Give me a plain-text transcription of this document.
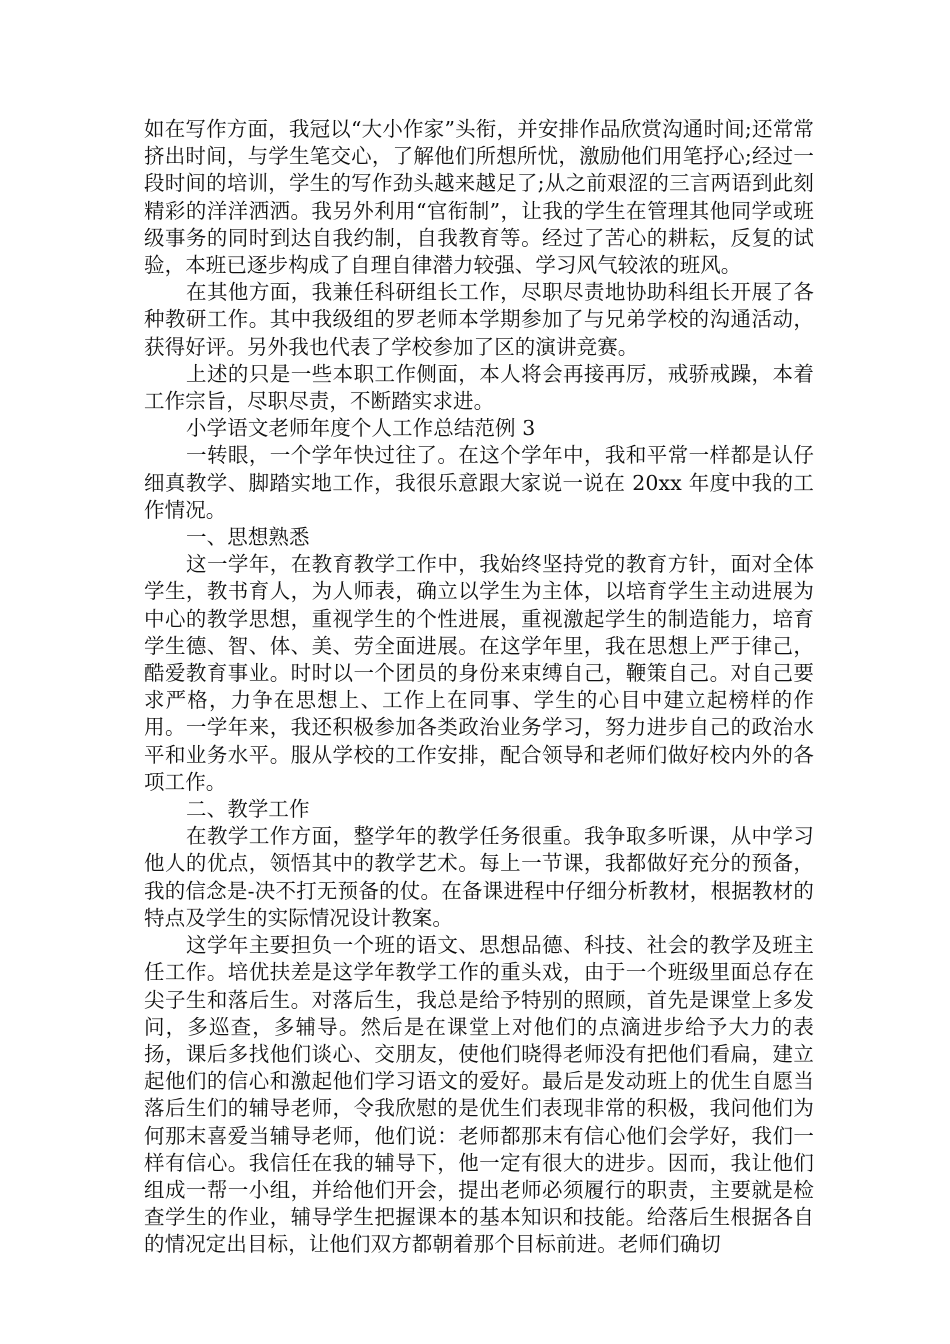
如在写作方面，我冠以“大小作家”头衔，并安排作品欣赏沟通时间;还常常挤出时间，与学生笔交心，了解他们所想所忧，激励他们用笔抒心;经过一段时间的培训，学生的写作劲头越来越足了;从之前艰涩的三言两语到此刻精彩的洋洋洒洒。我另外利用“官衔制”，让我的学生在管理其他同学或班级事务的同时到达自我约制，自我教育等。经过了苦心的耕耘，反复的试验，本班已逐步构成了自理自律潜力较强、学习风气较浓的班风。

在其他方面，我兼任科研组长工作，尽职尽责地协助科组长开展了各种教研工作。其中我级组的罗老师本学期参加了与兄弟学校的沟通活动，获得好评。另外我也代表了学校参加了区的演讲竞赛。

上述的只是一些本职工作侧面，本人将会再接再厉，戒骄戒躁，本着工作宗旨，尽职尽责，不断踏实求进。

小学语文老师年度个人工作总结范例 3

一转眼，一个学年快过往了。在这个学年中，我和平常一样都是认仔细真教学、脚踏实地工作，我很乐意跟大家说一说在 20xx 年度中我的工作情况。

一、思想熟悉

这一学年，在教育教学工作中，我始终坚持党的教育方针，面对全体学生，教书育人，为人师表，确立以学生为主体，以培育学生主动进展为中心的教学思想，重视学生的个性进展，重视激起学生的制造能力，培育学生德、智、体、美、劳全面进展。在这学年里，我在思想上严于律己，酷爱教育事业。时时以一个团员的身份来束缚自己，鞭策自己。对自己要求严格，力争在思想上、工作上在同事、学生的心目中建立起榜样的作用。一学年来，我还积极参加各类政治业务学习，努力进步自己的政治水平和业务水平。服从学校的工作安排，配合领导和老师们做好校内外的各项工作。

二、教学工作

在教学工作方面，整学年的教学任务很重。我争取多听课，从中学习他人的优点，领悟其中的教学艺术。每上一节课，我都做好充分的预备，我的信念是-决不打无预备的仗。在备课进程中仔细分析教材，根据教材的特点及学生的实际情况设计教案。

这学年主要担负一个班的语文、思想品德、科技、社会的教学及班主任工作。培优扶差是这学年教学工作的重头戏，由于一个班级里面总存在尖子生和落后生。对落后生，我总是给予特别的照顾，首先是课堂上多发问，多巡查，多辅导。然后是在课堂上对他们的点滴进步给予大力的表扬，课后多找他们谈心、交朋友，使他们晓得老师没有把他们看扁，建立起他们的信心和激起他们学习语文的爱好。最后是发动班上的优生自愿当落后生们的辅导老师，令我欣慰的是优生们表现非常的积极，我问他们为何那末喜爱当辅导老师，他们说：老师都那末有信心他们会学好，我们一样有信心。我信任在我的辅导下，他一定有很大的进步。因而，我让他们组成一帮一小组，并给他们开会，提出老师必须履行的职责，主要就是检查学生的作业，辅导学生把握课本的基本知识和技能。给落后生根据各自的情况定出目标，让他们双方都朝着那个目标前进。老师们确切
